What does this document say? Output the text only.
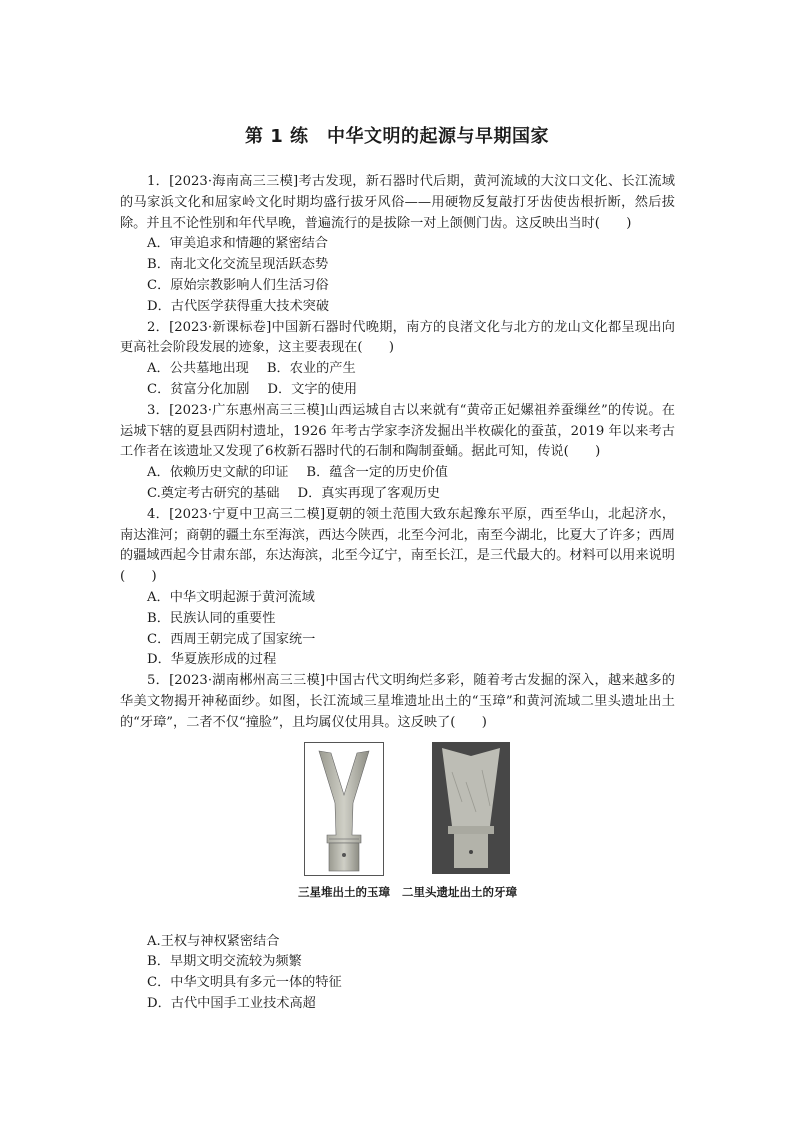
第 1 练　中华文明的起源与早期国家

1．[2023·海南高三三模]考古发现，新石器时代后期，黄河流域的大汶口文化、长江流域的马家浜文化和屈家岭文化时期均盛行拔牙风俗——用硬物反复敲打牙齿使齿根折断，然后拔除。并且不论性别和年代早晚，普遍流行的是拔除一对上颌侧门齿。这反映出当时(　　)

A．审美追求和情趣的紧密结合
B．南北文化交流呈现活跃态势
C．原始宗教影响人们生活习俗
D．古代医学获得重大技术突破

2．[2023·新课标卷]中国新石器时代晚期，南方的良渚文化与北方的龙山文化都呈现出向更高社会阶段发展的迹象，这主要表现在(　　)

A．公共墓地出现 B．农业的产生
C．贫富分化加剧 D．文字的使用

3．[2023·广东惠州高三三模]山西运城自古以来就有“黄帝正妃嫘祖养蚕缫丝”的传说。在运城下辖的夏县西阴村遗址，1926 年考古学家李济发掘出半枚碳化的蚕茧，2019 年以来考古工作者在该遗址又发现了6枚新石器时代的石制和陶制蚕蛹。据此可知，传说(　　)

A．依赖历史文献的印证 B．蕴含一定的历史价值
C.奠定考古研究的基础 D．真实再现了客观历史

4．[2023·宁夏中卫高三二模]夏朝的领土范围大致东起豫东平原，西至华山，北起济水，南达淮河；商朝的疆土东至海滨，西达今陕西，北至今河北，南至今湖北，比夏大了许多；西周的疆域西起今甘肃东部，东达海滨，北至今辽宁，南至长江，是三代最大的。材料可以用来说明(　　)

A．中华文明起源于黄河流域
B．民族认同的重要性
C．西周王朝完成了国家统一
D．华夏族形成的过程

5．[2023·湖南郴州高三三模]中国古代文明绚烂多彩，随着考古发掘的深入，越来越多的华美文物揭开神秘面纱。如图，长江流域三星堆遗址出土的“玉璋”和黄河流域二里头遗址出土的“牙璋”，二者不仅“撞脸”，且均属仪仗用具。这反映了(　　)

三星堆出土的玉璋 二里头遗址出土的牙璋
A.王权与神权紧密结合
B．早期文明交流较为频繁
C．中华文明具有多元一体的特征
D．古代中国手工业技术高超
